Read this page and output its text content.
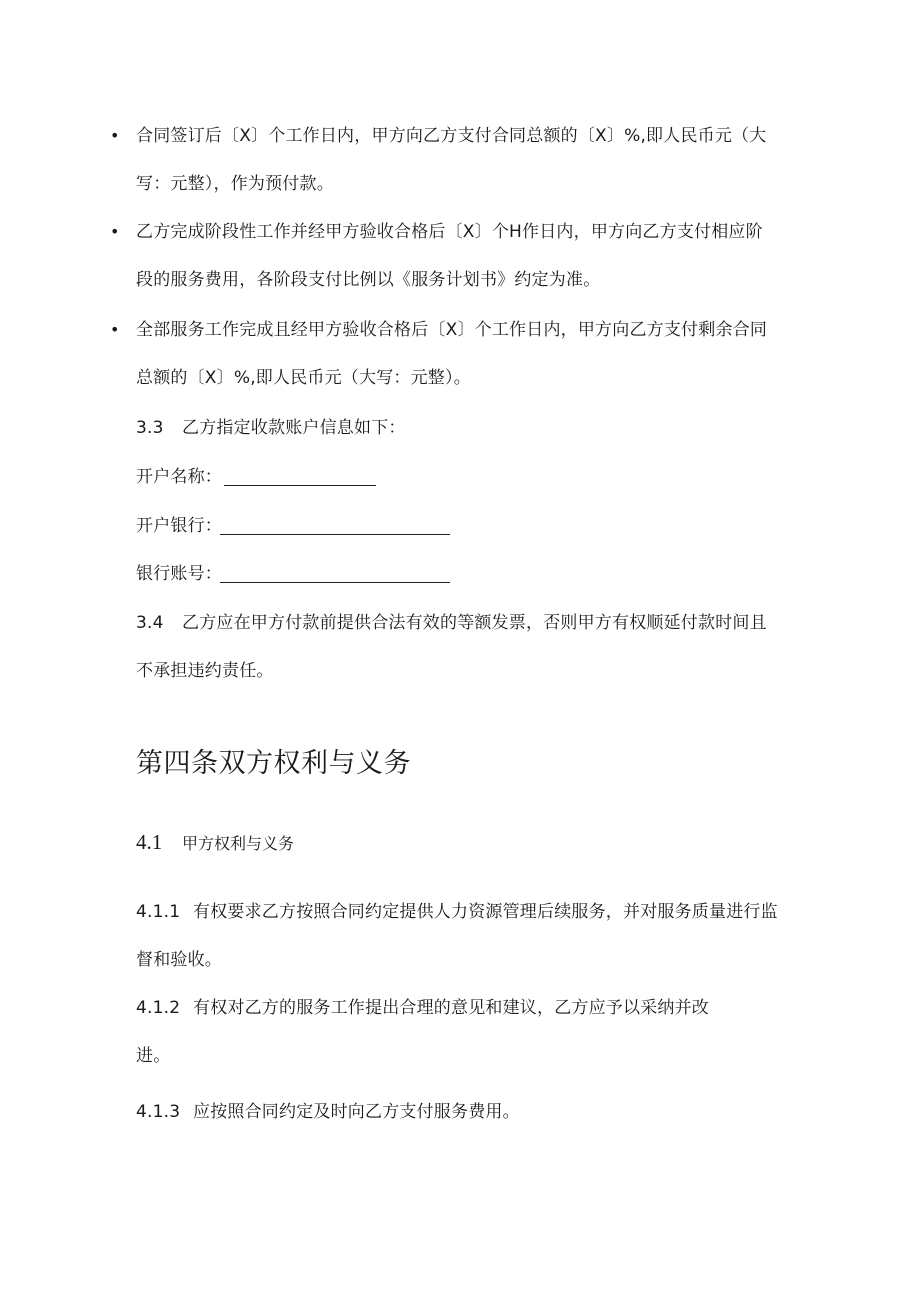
• 合同签订后〔X〕个工作日内，甲方向乙方支付合同总额的〔X〕%,即人民币元（大
写：元整），作为预付款。
• 乙方完成阶段性工作并经甲方验收合格后〔X〕个H作日内，甲方向乙方支付相应阶
段的服务费用，各阶段支付比例以《服务计划书》约定为准。
• 全部服务工作完成且经甲方验收合格后〔X〕个工作日内，甲方向乙方支付剩余合同
总额的〔X〕%,即人民币元（大写：元整）。
3.3 乙方指定收款账户信息如下：
开户名称：
开户银行：
银行账号：
3.4 乙方应在甲方付款前提供合法有效的等额发票，否则甲方有权顺延付款时间且
不承担违约责任。
第四条双方权利与义务
4.1 甲方权利与义务
4.1.1 有权要求乙方按照合同约定提供人力资源管理后续服务，并对服务质量进行监
督和验收。
4.1.2 有权对乙方的服务工作提出合理的意见和建议，乙方应予以采纳并改
进。
4.1.3 应按照合同约定及时向乙方支付服务费用。
